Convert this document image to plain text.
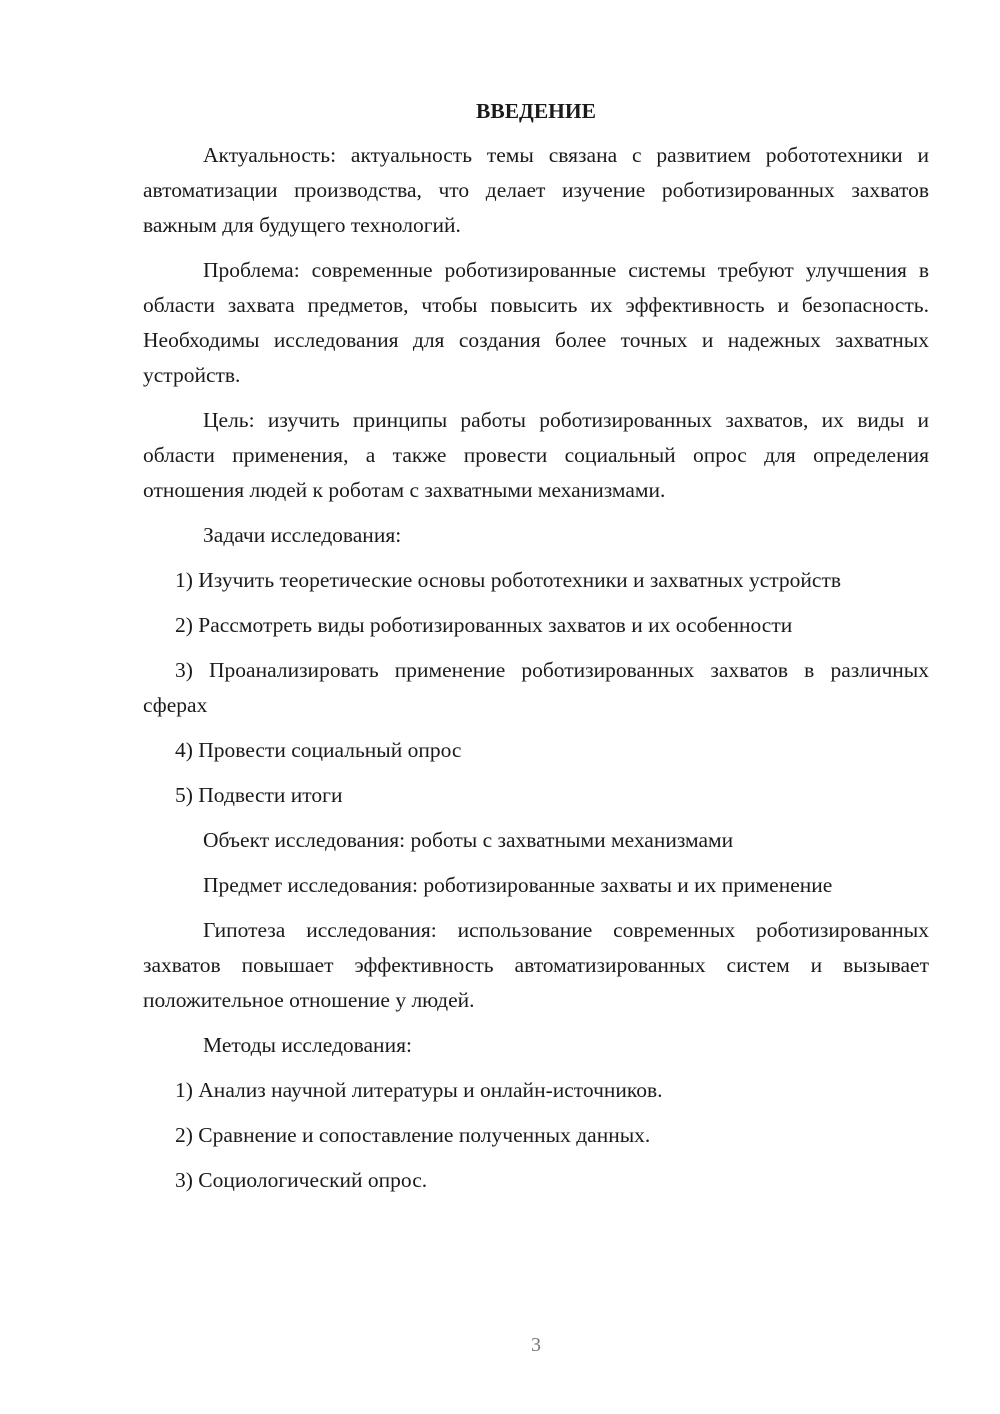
ВВЕДЕНИЕ

Актуальность: актуальность темы связана с развитием робототехники и автоматизации производства, что делает изучение роботизированных захватов важным для будущего технологий.

Проблема: современные роботизированные системы требуют улучшения в области захвата предметов, чтобы повысить их эффективность и безопасность. Необходимы исследования для создания более точных и надежных захватных устройств.

Цель: изучить принципы работы роботизированных захватов, их виды и области применения, а также провести социальный опрос для определения отношения людей к роботам с захватными механизмами.

Задачи исследования:

1) Изучить теоретические основы робототехники и захватных устройств

2) Рассмотреть виды роботизированных захватов и их особенности

3) Проанализировать применение роботизированных захватов в различных сферах

4) Провести социальный опрос

5) Подвести итоги

Объект исследования: роботы с захватными механизмами

Предмет исследования: роботизированные захваты и их применение

Гипотеза исследования: использование современных роботизированных захватов повышает эффективность автоматизированных систем и вызывает положительное отношение у людей.

Методы исследования:

1) Анализ научной литературы и онлайн-источников.

2) Сравнение и сопоставление полученных данных.

3) Социологический опрос.

3
